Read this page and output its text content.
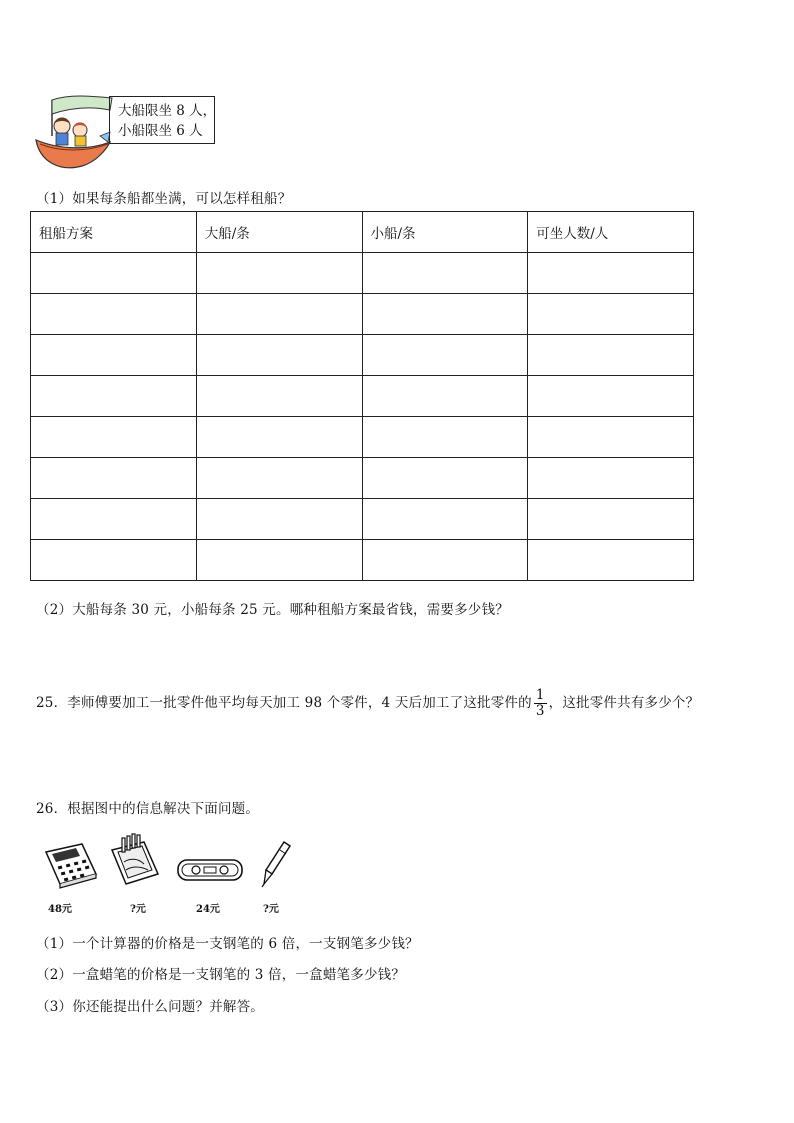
大船限坐 8 人，
小船限坐 6 人
（1）如果每条船都坐满，可以怎样租船？
租船方案	大船/条	小船/条	可坐人数/人

（2）大船每条 30 元，小船每条 25 元。哪种租船方案最省钱，需要多少钱？
25．李师傅要加工一批零件他平均每天加工 98 个零件，4 天后加工了这批零件的 $\frac{1}{3}$ ，这批零件共有多少个？
26．根据图中的信息解决下面问题。
48元	?元	24元	?元
（1）一个计算器的价格是一支钢笔的 6 倍，一支钢笔多少钱？
（2）一盒蜡笔的价格是一支钢笔的 3 倍，一盒蜡笔多少钱？
（3）你还能提出什么问题？并解答。
